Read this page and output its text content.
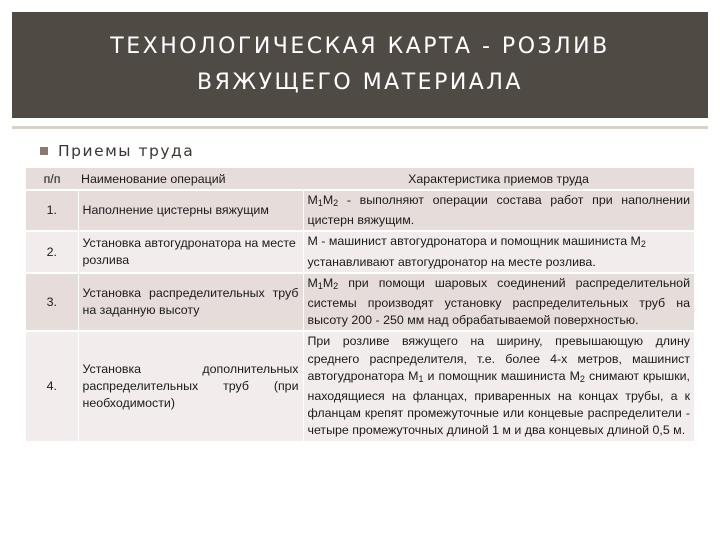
ТЕХНОЛОГИЧЕСКАЯ КАРТА - РОЗЛИВ
ВЯЖУЩЕГО МАТЕРИАЛА
Приемы труда
п/п	Наименование операций	Характеристика приемов труда
1.	Наполнение цистерны вяжущим	$М_1М_2$ - выполняют операции состава работ при наполнении цистерн вяжущим.
2.	Установка автогудронатора на месте розлива	М - машинист автогудронатора и помощник машиниста $М_2$ устанавливают автогудронатор на месте розлива.
3.	Установка распределительных труб на заданную высоту	$М_1М_2$ при помощи шаровых соединений распределительной системы производят установку распределительных труб на высоту 200 - 250 мм над обрабатываемой поверхностью.
4.	Установка дополнительных распределительных труб (при необходимости)	При розливе вяжущего на ширину, превышающую длину среднего распределителя, т.е. более 4-х метров, машинист автогудронатора $М_1$ и помощник машиниста $М_2$ снимают крышки, находящиеся на фланцах, приваренных на концах трубы, а к фланцам крепят промежуточные или концевые распределители - четыре промежуточных длиной 1 м и два концевых длиной 0,5 м.
